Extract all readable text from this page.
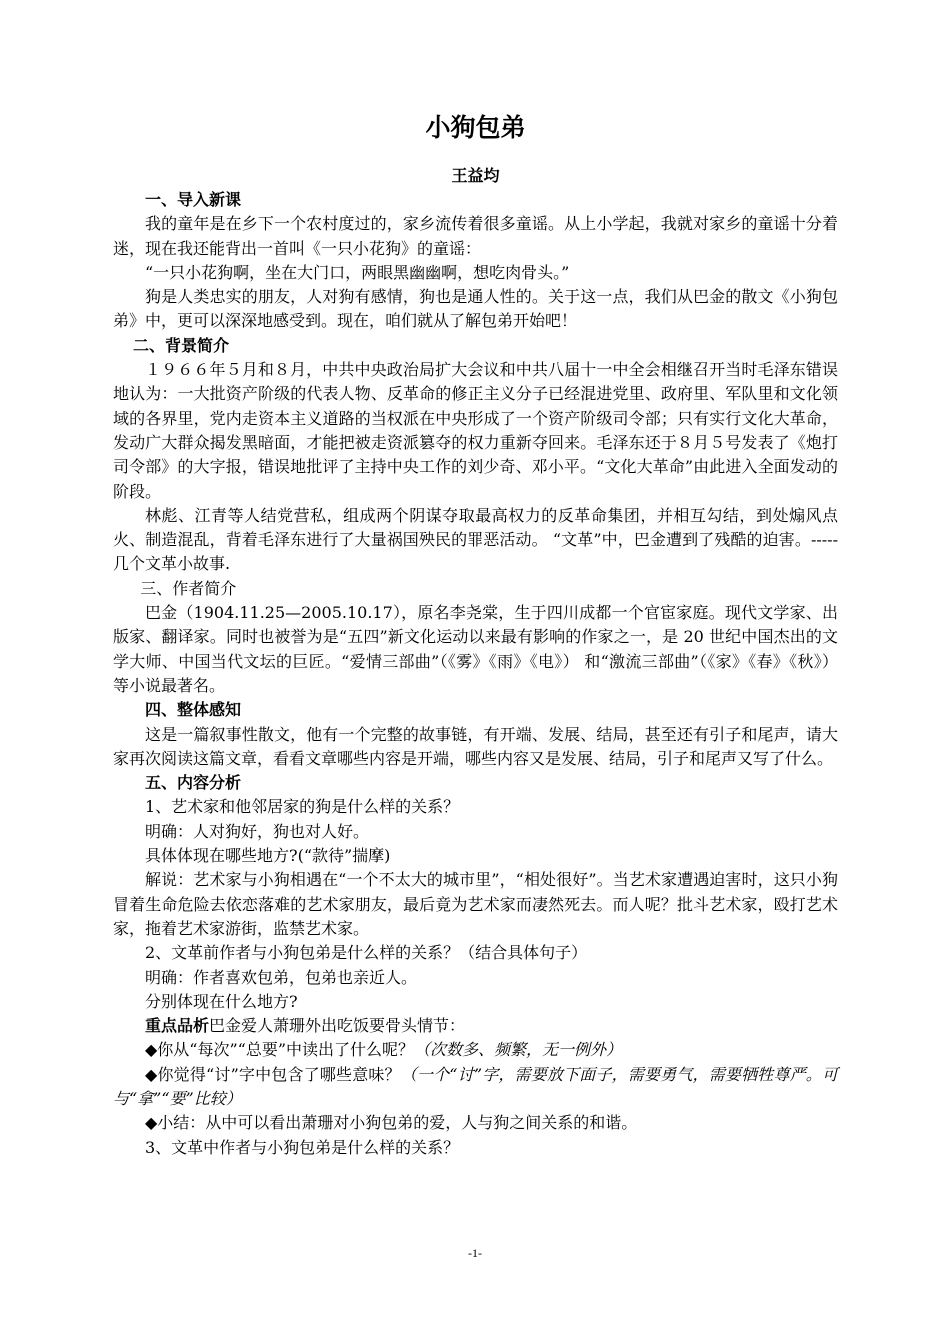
小狗包弟

王益均

一、导入新课

我的童年是在乡下一个农村度过的，家乡流传着很多童谣。从上小学起，我就对家乡的童谣十分着迷，现在我还能背出一首叫《一只小花狗》的童谣：

“一只小花狗啊，坐在大门口，两眼黑幽幽啊，想吃肉骨头。”

狗是人类忠实的朋友，人对狗有感情，狗也是通人性的。关于这一点，我们从巴金的散文《小狗包弟》中，更可以深深地感受到。现在，咱们就从了解包弟开始吧！

二、背景简介

１９６６年５月和８月，中共中央政治局扩大会议和中共八届十一中全会相继召开当时毛泽东错误地认为：一大批资产阶级的代表人物、反革命的修正主义分子已经混进党里、政府里、军队里和文化领域的各界里，党内走资本主义道路的当权派在中央形成了一个资产阶级司令部；只有实行文化大革命，发动广大群众揭发黑暗面，才能把被走资派篡夺的权力重新夺回来。毛泽东还于８月５号发表了《炮打司令部》的大字报，错误地批评了主持中央工作的刘少奇、邓小平。“文化大革命”由此进入全面发动的阶段。

林彪、江青等人结党营私，组成两个阴谋夺取最高权力的反革命集团，并相互勾结，到处煽风点火、制造混乱，背着毛泽东进行了大量祸国殃民的罪恶活动。 “文革”中，巴金遭到了残酷的迫害。-----几个文革小故事.

三、作者简介

巴金（1904.11.25—2005.10.17），原名李尧棠，生于四川成都一个官宦家庭。现代文学家、出版家、翻译家。同时也被誉为是“五四”新文化运动以来最有影响的作家之一，是 20 世纪中国杰出的文学大师、中国当代文坛的巨匠。“爱情三部曲”（《雾》《雨》《电》） 和“激流三部曲”（《家》《春》《秋》）等小说最著名。

四、整体感知

这是一篇叙事性散文，他有一个完整的故事链，有开端、发展、结局，甚至还有引子和尾声，请大家再次阅读这篇文章，看看文章哪些内容是开端，哪些内容又是发展、结局，引子和尾声又写了什么。

五、内容分析

1、艺术家和他邻居家的狗是什么样的关系？

明确：人对狗好，狗也对人好。

具体体现在哪些地方?(“款待”揣摩)

解说：艺术家与小狗相遇在“一个不太大的城市里”，“相处很好”。当艺术家遭遇迫害时，这只小狗冒着生命危险去依恋落难的艺术家朋友，最后竟为艺术家而凄然死去。而人呢？批斗艺术家，殴打艺术家，拖着艺术家游街，监禁艺术家。

2、文革前作者与小狗包弟是什么样的关系？（结合具体句子）

明确：作者喜欢包弟，包弟也亲近人。

分别体现在什么地方?

重点品析巴金爱人萧珊外出吃饭要骨头情节：

◆你从“每次”“总要”中读出了什么呢？（次数多、频繁，无一例外）

◆你觉得“讨”字中包含了哪些意味？（一个“讨”字，需要放下面子，需要勇气，需要牺牲尊严。可与“拿”“要”比较）

◆小结：从中可以看出萧珊对小狗包弟的爱，人与狗之间关系的和谐。

3、文革中作者与小狗包弟是什么样的关系？

-1-
